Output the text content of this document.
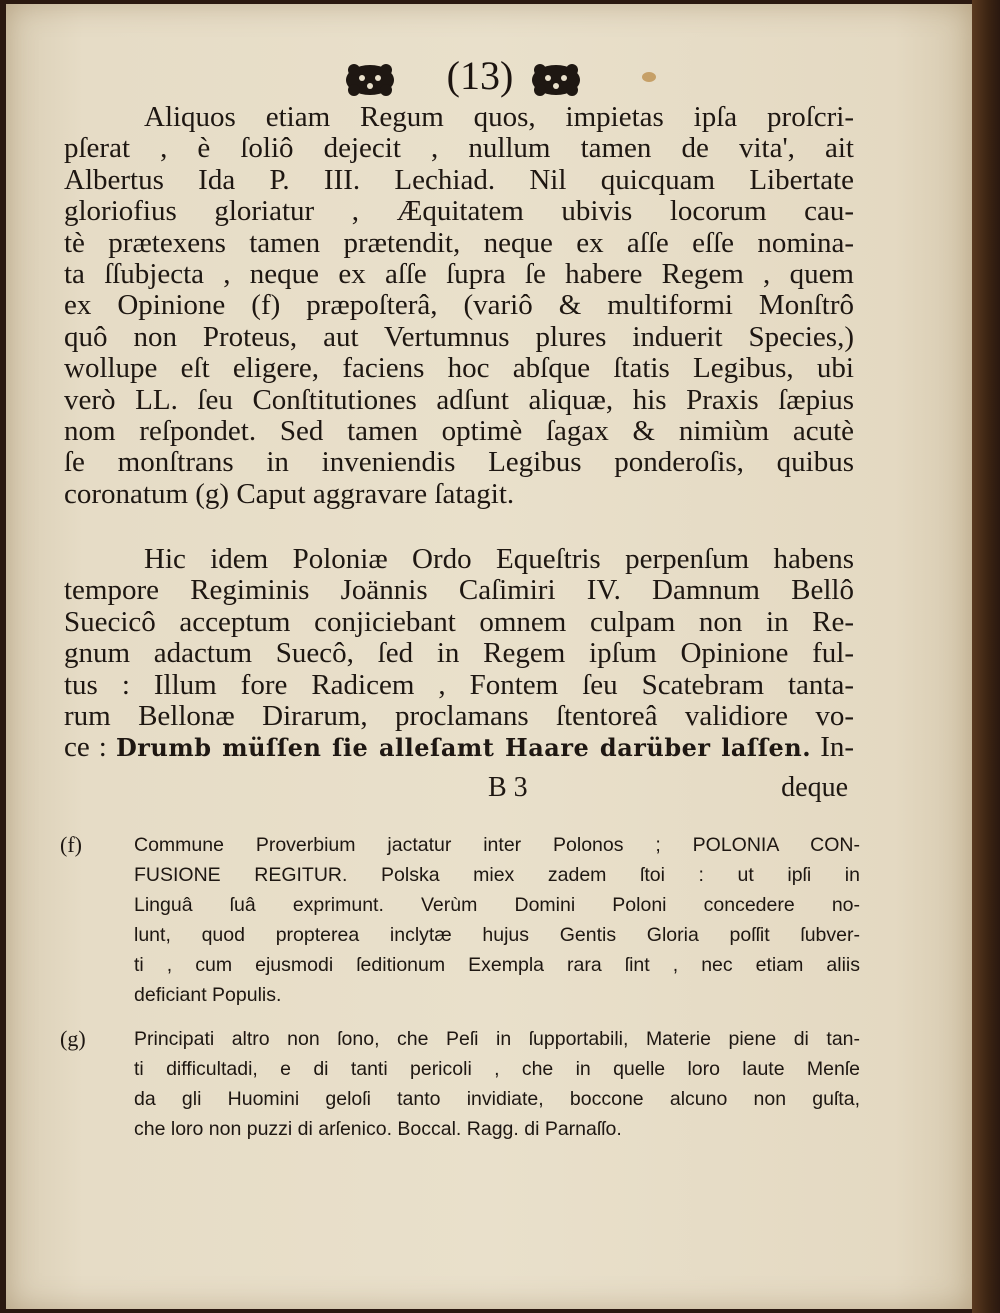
(13)
Aliquos etiam Regum quos, impietas ipſa proſcri-
pſerat , è ſoliô dejecit , nullum tamen de vita', ait
Albertus Ida P. III. Lechiad. Nil quicquam Libertate
gloriofius gloriatur , Æquitatem ubivis locorum cau-
tè prætexens tamen prætendit, neque ex aſſe eſſe nomina-
ta ſſubjecta , neque ex aſſe ſupra ſe habere Regem , quem
ex Opinione (f) præpoſterâ, (variô & multiformi Monſtrô
quô non Proteus, aut Vertumnus plures induerit Species,)
wollupe eſt eligere, faciens hoc abſque ſtatis Legibus, ubi
verò LL. ſeu Conſtitutiones adſunt aliquæ, his Praxis ſæpius
nom reſpondet. Sed tamen optimè ſagax & nimiùm acutè
ſe monſtrans in inveniendis Legibus ponderoſis, quibus
coronatum (g) Caput aggravare ſatagit.
Hic idem Poloniæ Ordo Equeſtris perpenſum habens
tempore Regiminis Joännis Caſimiri IV. Damnum Bellô
Suecicô acceptum conjiciebant omnem culpam non in Re-
gnum adactum Suecô, ſed in Regem ipſum Opinione ful-
tus : Illum fore Radicem , Fontem ſeu Scatebram tanta-
rum Bellonæ Dirarum, proclamans ſtentoreâ validiore vo-
ce : Drumb müſſen ſie alleſamt Haare darüber laſſen. In-
B 3	deque
(f)	Commune Proverbium jactatur inter Polonos ; POLONIA CON-
FUSIONE REGITUR. Polska miex zadem ſtoi : ut ipſi in
Linguâ ſuâ exprimunt. Verùm Domini Poloni concedere no-
lunt, quod propterea inclytæ hujus Gentis Gloria poſſit ſubver-
ti , cum ejusmodi ſeditionum Exempla rara ſint , nec etiam aliis
deficiant Populis.
(g)	Principati altro non ſono, che Peſi in ſupportabili, Materie piene di tan-
ti difficultadi, e di tanti pericoli , che in quelle loro laute Menſe
da gli Huomini geloſi tanto invidiate, boccone alcuno non guſta,
che loro non puzzi di arſenico. Boccal. Ragg. di Parnaſſo.
